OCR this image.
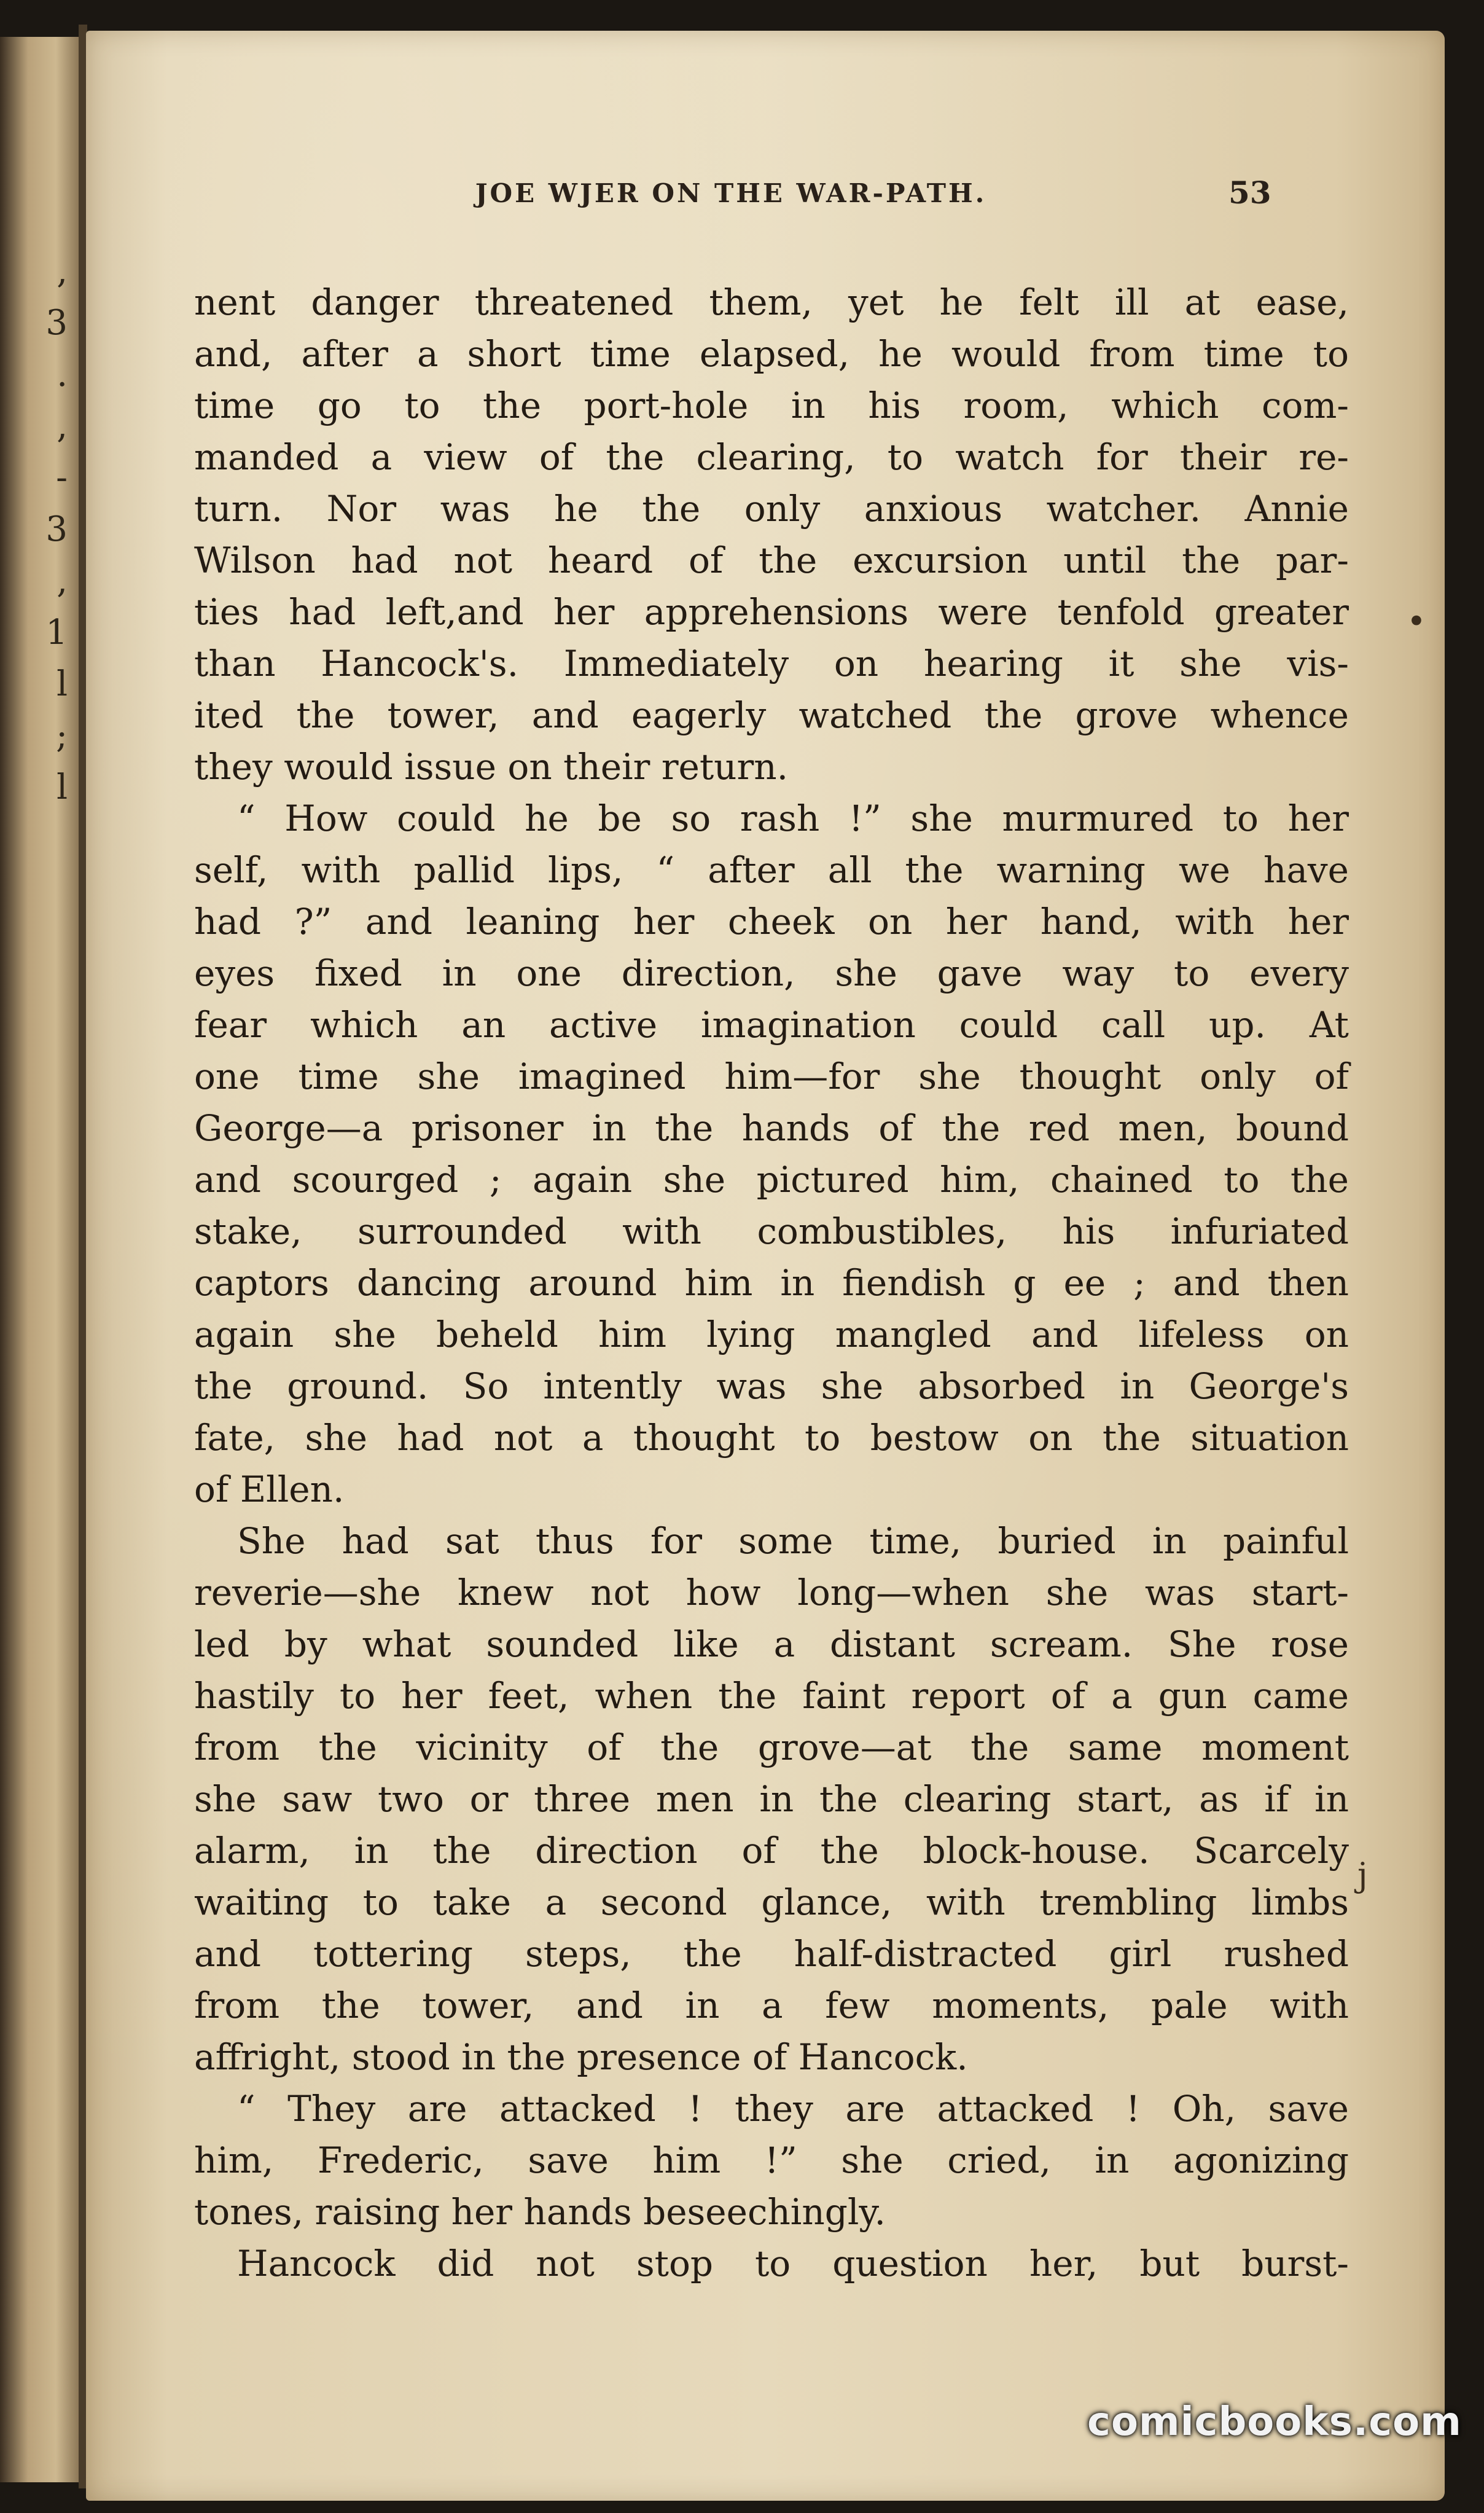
,
3
.
,
-
3
,
1
l
;
l
JOE WJER ON THE WAR-PATH.	53
•
j
nent danger threatened them, yet he felt ill at ease,
and, after a short time elapsed, he would from time to
time go to the port-hole in his room, which com-
manded a view of the clearing, to watch for their re-
turn. Nor was he the only anxious watcher. Annie
Wilson had not heard of the excursion until the par-
ties had left,and her apprehensions were tenfold greater
than Hancock's. Immediately on hearing it she vis-
ited the tower, and eagerly watched the grove whence
they would issue on their return.
“ How could he be so rash !” she murmured to her
self, with pallid lips, “ after all the warning we have
had ?” and leaning her cheek on her hand, with her
eyes fixed in one direction, she gave way to every
fear which an active imagination could call up. At
one time she imagined him—for she thought only of
George—a prisoner in the hands of the red men, bound
and scourged ; again she pictured him, chained to the
stake, surrounded with combustibles, his infuriated
captors dancing around him in fiendish g ee ; and then
again she beheld him lying mangled and lifeless on
the ground. So intently was she absorbed in George's
fate, she had not a thought to bestow on the situation
of Ellen.
She had sat thus for some time, buried in painful
reverie—she knew not how long—when she was start-
led by what sounded like a distant scream. She rose
hastily to her feet, when the faint report of a gun came
from the vicinity of the grove—at the same moment
she saw two or three men in the clearing start, as if in
alarm, in the direction of the block-house. Scarcely
waiting to take a second glance, with trembling limbs
and tottering steps, the half-distracted girl rushed
from the tower, and in a few moments, pale with
affright, stood in the presence of Hancock.
“ They are attacked ! they are attacked ! Oh, save
him, Frederic, save him !” she cried, in agonizing
tones, raising her hands beseechingly.
Hancock did not stop to question her, but burst-
comicbooks.com
